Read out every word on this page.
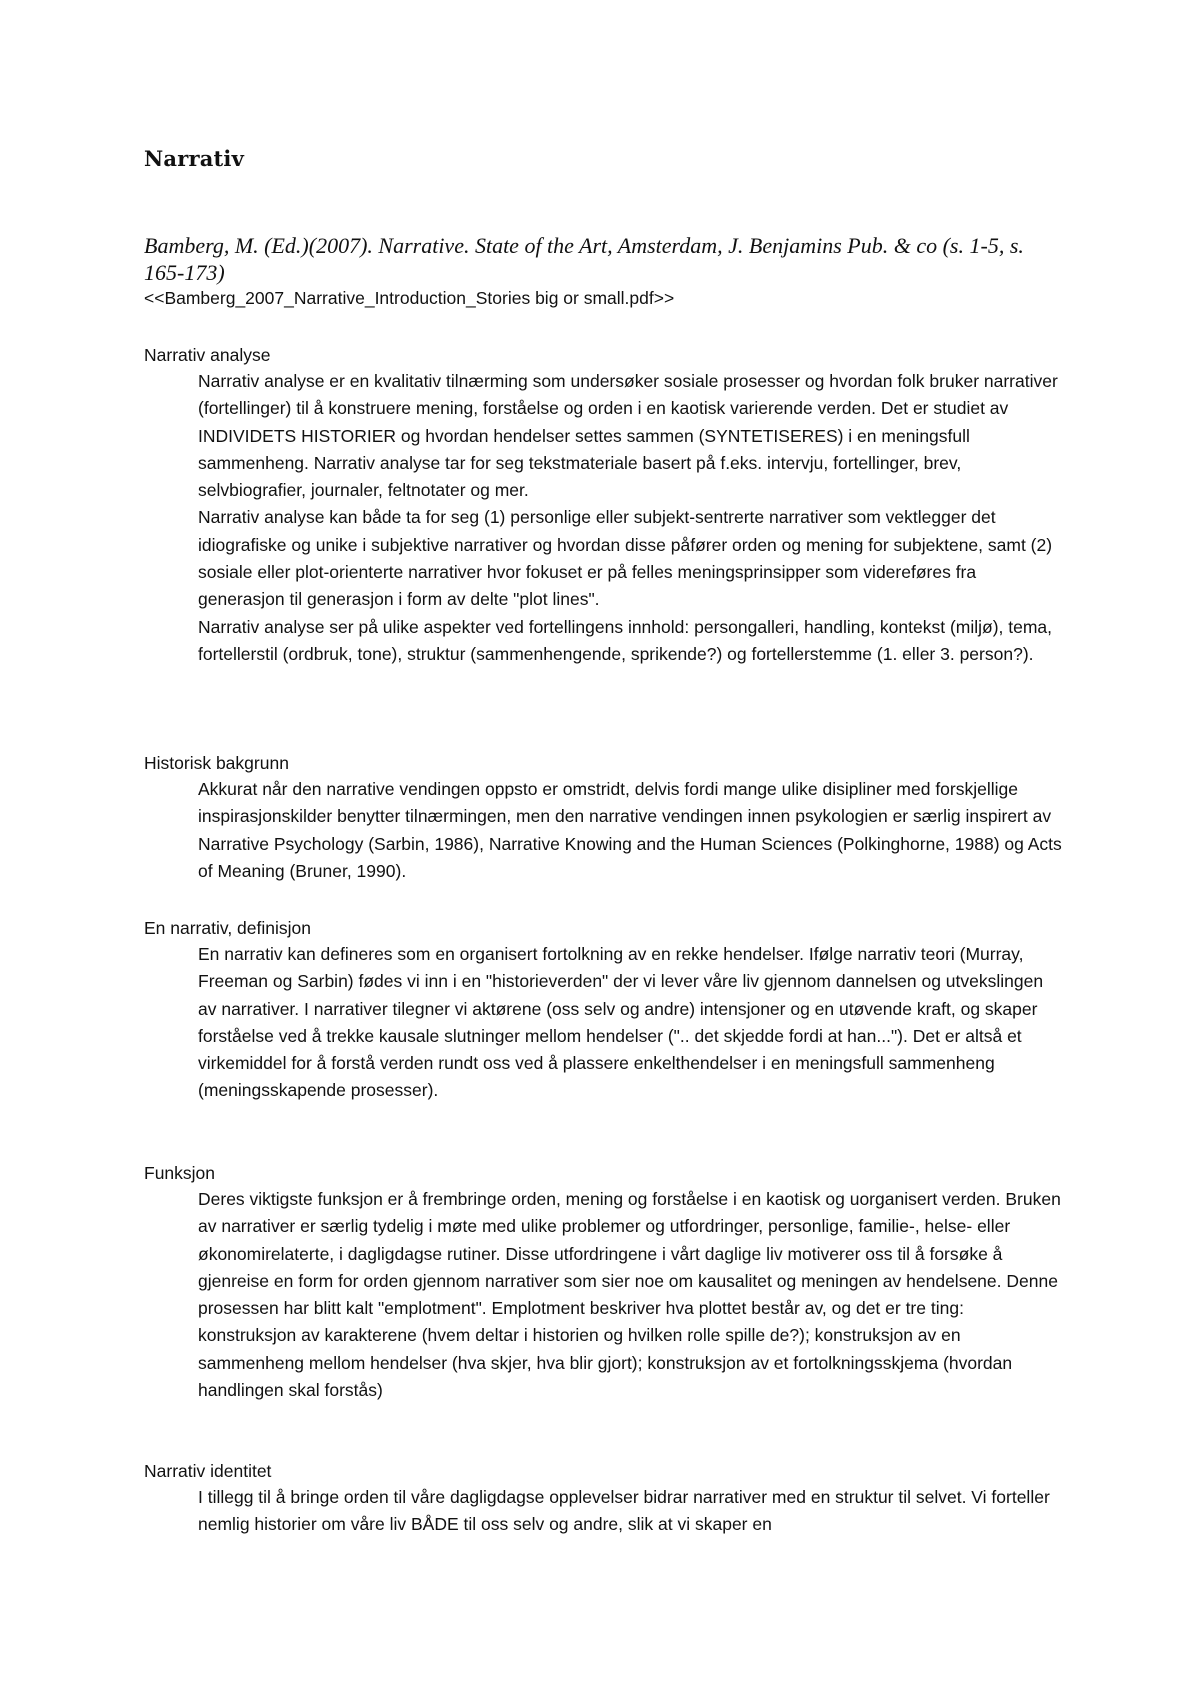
Narrativ

Bamberg, M. (Ed.)(2007). Narrative. State of the Art, Amsterdam, J. Benjamins Pub. & co (s. 1-5, s. 165-173)

<<Bamberg_2007_Narrative_Introduction_Stories big or small.pdf>>

Narrativ analyse

Narrativ analyse er en kvalitativ tilnærming som undersøker sosiale prosesser og hvordan folk bruker narrativer (fortellinger) til å konstruere mening, forståelse og orden i en kaotisk varierende verden. Det er studiet av INDIVIDETS HISTORIER og hvordan hendelser settes sammen (SYNTETISERES) i en meningsfull sammenheng. Narrativ analyse tar for seg tekstmateriale basert på f.eks. intervju, fortellinger, brev, selvbiografier, journaler, feltnotater og mer.

Narrativ analyse kan både ta for seg (1) personlige eller subjekt-sentrerte narrativer som vektlegger det idiografiske og unike i subjektive narrativer og hvordan disse påfører orden og mening for subjektene, samt (2) sosiale eller plot-orienterte narrativer hvor fokuset er på felles meningsprinsipper som videreføres fra generasjon til generasjon i form av delte "plot lines".

Narrativ analyse ser på ulike aspekter ved fortellingens innhold: persongalleri, handling, kontekst (miljø), tema, fortellerstil (ordbruk, tone), struktur (sammenhengende, sprikende?) og fortellerstemme (1. eller 3. person?).

Historisk bakgrunn

Akkurat når den narrative vendingen oppsto er omstridt, delvis fordi mange ulike disipliner med forskjellige inspirasjonskilder benytter tilnærmingen, men den narrative vendingen innen psykologien er særlig inspirert av Narrative Psychology (Sarbin, 1986), Narrative Knowing and the Human Sciences (Polkinghorne, 1988) og Acts of Meaning (Bruner, 1990).

En narrativ, definisjon

En narrativ kan defineres som en organisert fortolkning av en rekke hendelser. Ifølge narrativ teori (Murray, Freeman og Sarbin) fødes vi inn i en "historieverden" der vi lever våre liv gjennom dannelsen og utvekslingen av narrativer. I narrativer tilegner vi aktørene (oss selv og andre) intensjoner og en utøvende kraft, og skaper forståelse ved å trekke kausale slutninger mellom hendelser (".. det skjedde fordi at han..."). Det er altså et virkemiddel for å forstå verden rundt oss ved å plassere enkelthendelser i en meningsfull sammenheng (meningsskapende prosesser).

Funksjon

Deres viktigste funksjon er å frembringe orden, mening og forståelse i en kaotisk og uorganisert verden. Bruken av narrativer er særlig tydelig i møte med ulike problemer og utfordringer, personlige, familie-, helse- eller økonomirelaterte, i dagligdagse rutiner. Disse utfordringene i vårt daglige liv motiverer oss til å forsøke å gjenreise en form for orden gjennom narrativer som sier noe om kausalitet og meningen av hendelsene. Denne prosessen har blitt kalt "emplotment". Emplotment beskriver hva plottet består av, og det er tre ting: konstruksjon av karakterene (hvem deltar i historien og hvilken rolle spille de?); konstruksjon av en sammenheng mellom hendelser (hva skjer, hva blir gjort); konstruksjon av et fortolkningsskjema (hvordan handlingen skal forstås)

Narrativ identitet

I tillegg til å bringe orden til våre dagligdagse opplevelser bidrar narrativer med en struktur til selvet. Vi forteller nemlig historier om våre liv BÅDE til oss selv og andre, slik at vi skaper en
